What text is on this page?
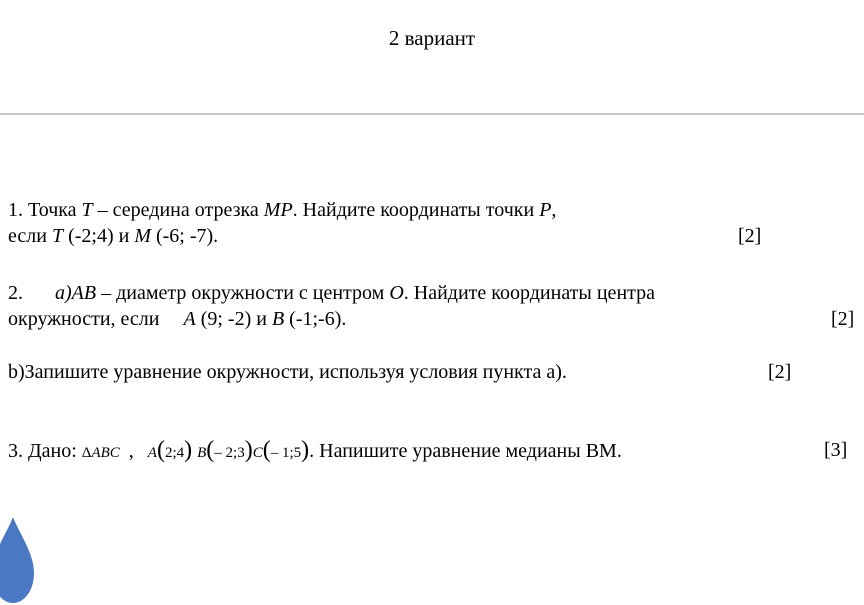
2 вариант
1. Точка T – середина отрезка MP. Найдите координаты точки P,
если T (-2;4) и M (-6; -7).	[2]
2. а)AB – диаметр окружности с центром O. Найдите координаты центра
окружности, если A (9; -2) и B (-1;-6).	[2]
b)Запишите уравнение окружности, используя условия пункта а).	[2]
3. Дано: ΔABC , A(2;4) B(– 2;3)C(– 1;5). Напишите уравнение медианы ВМ.	[3]
